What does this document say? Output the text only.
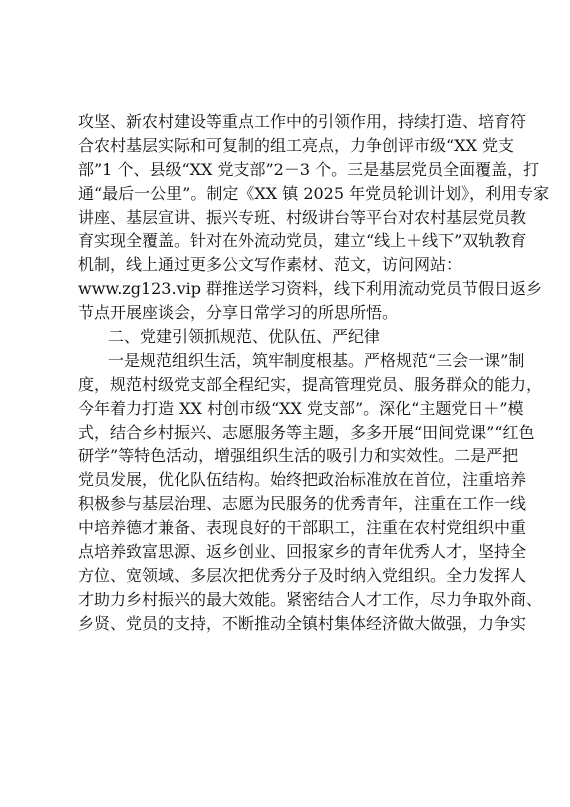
攻坚、新农村建设等重点工作中的引领作用，持续打造、培育符
合农村基层实际和可复制的组工亮点，力争创评市级“XX 党支
部”1 个、县级“XX 党支部”2－3 个。三是基层党员全面覆盖，打
通“最后一公里”。制定《XX 镇 2025 年党员轮训计划》，利用专家
讲座、基层宣讲、振兴专班、村级讲台等平台对农村基层党员教
育实现全覆盖。针对在外流动党员，建立“线上＋线下”双轨教育
机制，线上通过更多公文写作素材、范文，访问网站：
www.zg123.vip 群推送学习资料，线下利用流动党员节假日返乡
节点开展座谈会，分享日常学习的所思所悟。
二、党建引领抓规范、优队伍、严纪律
一是规范组织生活，筑牢制度根基。严格规范“三会一课”制
度，规范村级党支部全程纪实，提高管理党员、服务群众的能力，
今年着力打造 XX 村创市级“XX 党支部”。深化“主题党日＋”模
式，结合乡村振兴、志愿服务等主题，多多开展“田间党课”“红色
研学”等特色活动，增强组织生活的吸引力和实效性。二是严把
党员发展，优化队伍结构。始终把政治标准放在首位，注重培养
积极参与基层治理、志愿为民服务的优秀青年，注重在工作一线
中培养德才兼备、表现良好的干部职工，注重在农村党组织中重
点培养致富思源、返乡创业、回报家乡的青年优秀人才，坚持全
方位、宽领域、多层次把优秀分子及时纳入党组织。全力发挥人
才助力乡村振兴的最大效能。紧密结合人才工作，尽力争取外商、
乡贤、党员的支持，不断推动全镇村集体经济做大做强，力争实
